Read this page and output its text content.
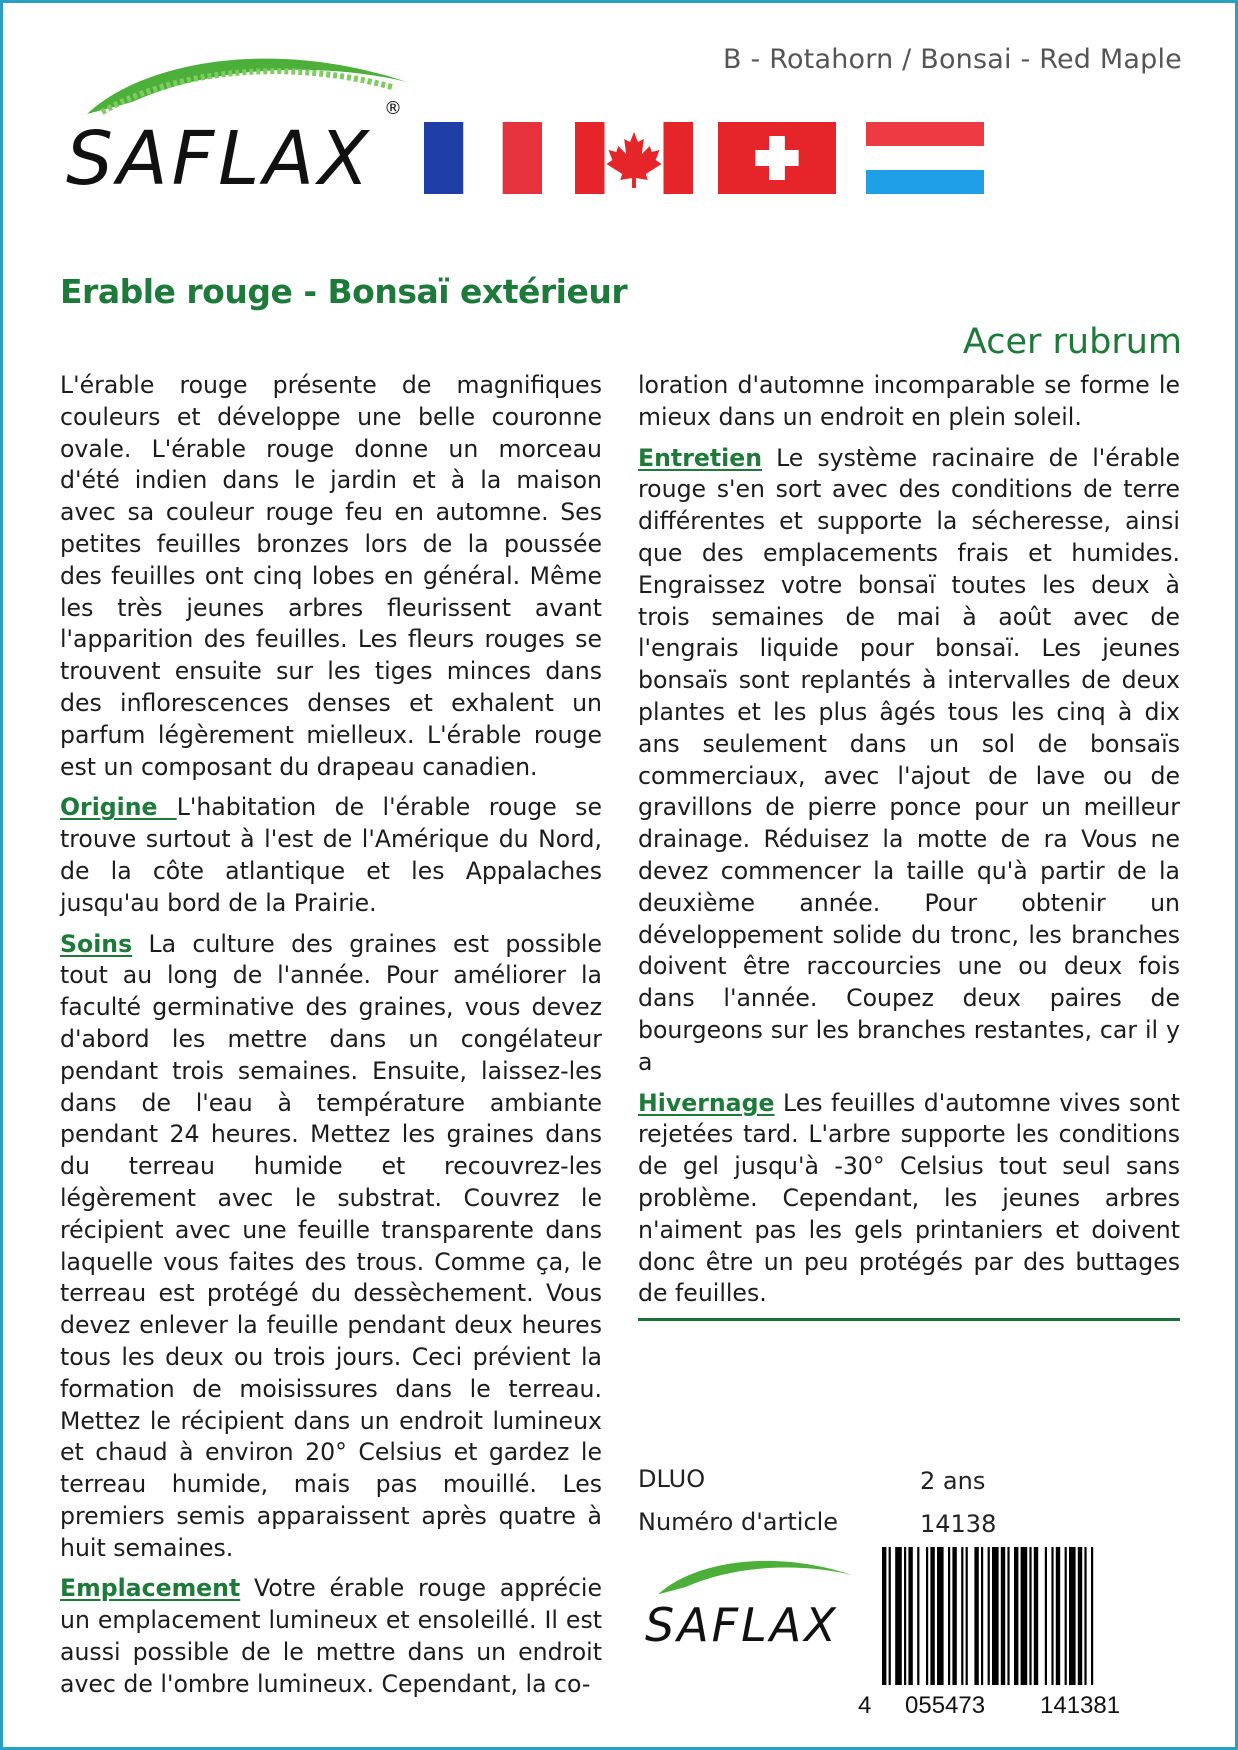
SAFLAX
®
B - Rotahorn / Bonsai - Red Maple
Erable rouge - Bonsaï extérieur
Acer rubrum

L'érable rouge présente de magnifiques couleurs et développe une belle couronne ovale. L'érable rouge donne un morceau d'été indien dans le jardin et à la maison avec sa couleur rouge feu en automne. Ses petites feuilles bronzes lors de la poussée des feuilles ont cinq lobes en général. Même les très jeunes arbres fleurissent avant l'apparition des feuilles. Les fleurs rouges se trouvent ensuite sur les tiges minces dans des inflorescences denses et exhalent un parfum légèrement mielleux. L'érable rouge est un composant du drapeau canadien.

Origine L'habitation de l'érable rouge se trouve surtout à l'est de l'Amérique du Nord, de la côte atlantique et les Appalaches jusqu'au bord de la Prairie.

Soins La culture des graines est possible tout au long de l'année. Pour améliorer la faculté germinative des graines, vous devez d'abord les mettre dans un congélateur pendant trois semaines. Ensuite, laissez-les dans de l'eau à température ambiante pendant 24 heures. Mettez les graines dans du terreau humide et recouvrez-les légèrement avec le substrat. Couvrez le récipient avec une feuille transparente dans laquelle vous faites des trous. Comme ça, le terreau est protégé du dessèchement. Vous devez enlever la feuille pendant deux heures tous les deux ou trois jours. Ceci prévient la formation de moisissures dans le terreau. Mettez le récipient dans un endroit lumineux et chaud à environ 20° Celsius et gardez le terreau humide, mais pas mouillé. Les premiers semis apparaissent après quatre à huit semaines.

Emplacement Votre érable rouge apprécie un emplacement lumineux et ensoleillé. Il est aussi possible de le mettre dans un endroit avec de l'ombre lumineux. Cependant, la co-

loration d'automne incomparable se forme le mieux dans un endroit en plein soleil.

Entretien Le système racinaire de l'érable rouge s'en sort avec des conditions de terre différentes et supporte la sécheresse, ainsi que des emplacements frais et humides. Engraissez votre bonsaï toutes les deux à trois semaines de mai à août avec de l'engrais liquide pour bonsaï. Les jeunes bonsaïs sont replantés à intervalles de deux plantes et les plus âgés tous les cinq à dix ans seulement dans un sol de bonsaïs commerciaux, avec l'ajout de lave ou de gravillons de pierre ponce pour un meilleur drainage. Réduisez la motte de ra Vous ne devez commencer la taille qu'à partir de la deuxième année. Pour obtenir un développement solide du tronc, les branches doivent être raccourcies une ou deux fois dans l'année. Coupez deux paires de bourgeons sur les branches restantes, car il y a

Hivernage Les feuilles d'automne vives sont rejetées tard. L'arbre supporte les conditions de gel jusqu'à -30° Celsius tout seul sans problème. Cependant, les jeunes arbres n'aiment pas les gels printaniers et doivent donc être un peu protégés par des buttages de feuilles.

DLUO	2 ans
Numéro d'article	14138
SAFLAX
4 055473 141381
